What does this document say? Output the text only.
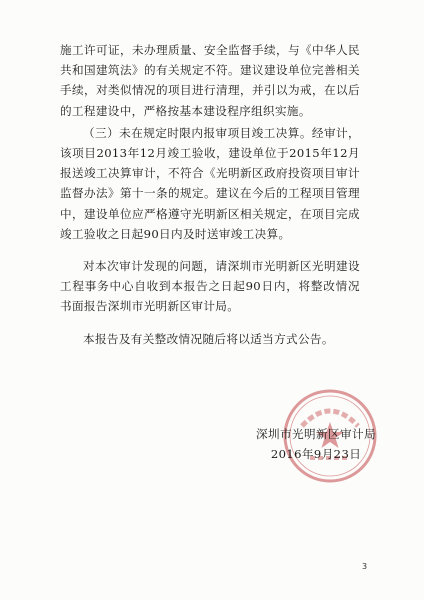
施工许可证，未办理质量、安全监督手续，与《中华人民共和国建筑法》的有关规定不符。建议建设单位完善相关手续，对类似情况的项目进行清理，并引以为戒，在以后的工程建设中，严格按基本建设程序组织实施。

（三）未在规定时限内报审项目竣工决算。经审计，该项目2013年12月竣工验收，建设单位于2015年12月报送竣工决算审计，不符合《光明新区政府投资项目审计监督办法》第十一条的规定。建议在今后的工程项目管理中，建设单位应严格遵守光明新区相关规定，在项目完成竣工验收之日起90日内及时送审竣工决算。

对本次审计发现的问题，请深圳市光明新区光明建设工程事务中心自收到本报告之日起90日内，将整改情况书面报告深圳市光明新区审计局。

本报告及有关整改情况随后将以适当方式公告。

深圳市光明新区审计局
2016年9月23日
3
